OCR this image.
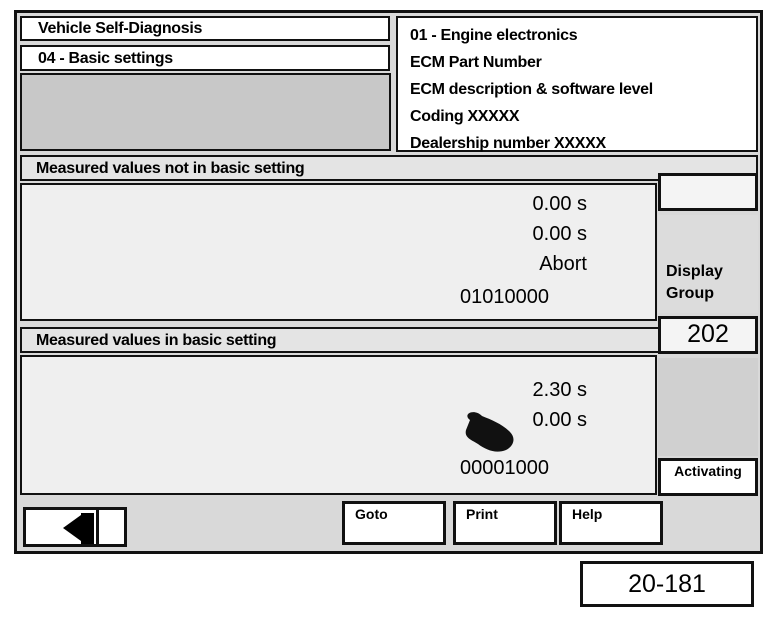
Vehicle Self-Diagnosis
04 - Basic settings
01 - Engine electronics
ECM Part Number
ECM description & software level
Coding XXXXX
Dealership number XXXXX
Measured values not in basic setting
0.00 s
0.00 s
Abort
01010000
Measured values in basic setting
2.30 s
0.00 s
00001000
Display
Group
202
Activating
Goto	Print	Help
20-181
